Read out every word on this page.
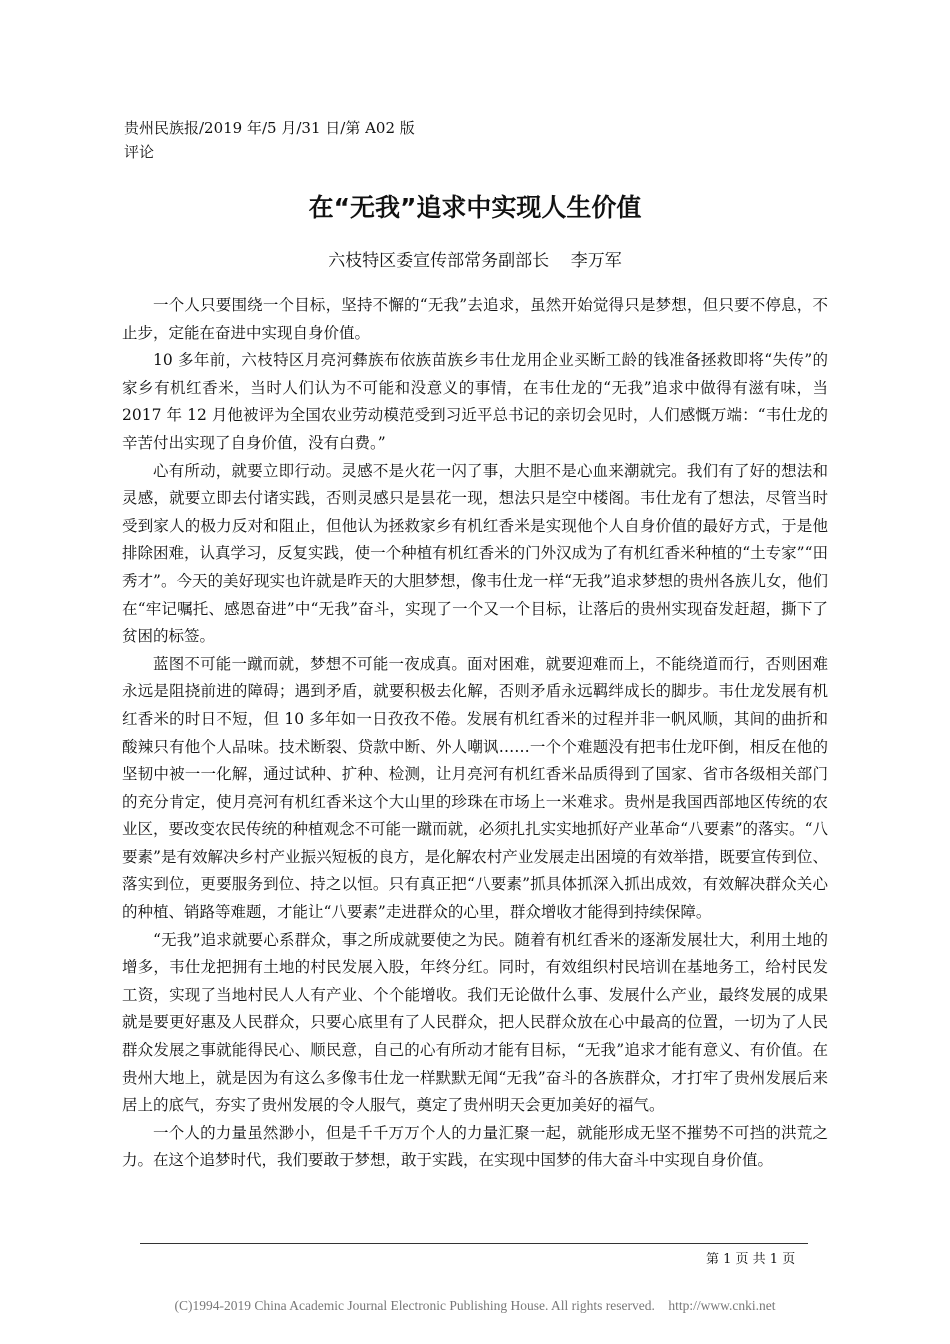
贵州民族报/2019 年/5 月/31 日/第 A02 版
评论
在“无我”追求中实现人生价值
六枝特区委宣传部常务副部长    李万军

一个人只要围绕一个目标，坚持不懈的“无我”去追求，虽然开始觉得只是梦想，但只要不停息，不止步，定能在奋进中实现自身价值。

10 多年前，六枝特区月亮河彝族布依族苗族乡韦仕龙用企业买断工龄的钱准备拯救即将“失传”的家乡有机红香米，当时人们认为不可能和没意义的事情，在韦仕龙的“无我”追求中做得有滋有味，当 2017 年 12 月他被评为全国农业劳动模范受到习近平总书记的亲切会见时，人们感慨万端：“韦仕龙的辛苦付出实现了自身价值，没有白费。”

心有所动，就要立即行动。灵感不是火花一闪了事，大胆不是心血来潮就完。我们有了好的想法和灵感，就要立即去付诸实践，否则灵感只是昙花一现，想法只是空中楼阁。韦仕龙有了想法，尽管当时受到家人的极力反对和阻止，但他认为拯救家乡有机红香米是实现他个人自身价值的最好方式，于是他排除困难，认真学习，反复实践，使一个种植有机红香米的门外汉成为了有机红香米种植的“土专家”“田秀才”。今天的美好现实也许就是昨天的大胆梦想，像韦仕龙一样“无我”追求梦想的贵州各族儿女，他们在“牢记嘱托、感恩奋进”中“无我”奋斗，实现了一个又一个目标，让落后的贵州实现奋发赶超，撕下了贫困的标签。

蓝图不可能一蹴而就，梦想不可能一夜成真。面对困难，就要迎难而上，不能绕道而行，否则困难永远是阻挠前进的障碍；遇到矛盾，就要积极去化解，否则矛盾永远羁绊成长的脚步。韦仕龙发展有机红香米的时日不短，但 10 多年如一日孜孜不倦。发展有机红香米的过程并非一帆风顺，其间的曲折和酸辣只有他个人品味。技术断裂、贷款中断、外人嘲讽……一个个难题没有把韦仕龙吓倒，相反在他的坚韧中被一一化解，通过试种、扩种、检测，让月亮河有机红香米品质得到了国家、省市各级相关部门的充分肯定，使月亮河有机红香米这个大山里的珍珠在市场上一米难求。贵州是我国西部地区传统的农业区，要改变农民传统的种植观念不可能一蹴而就，必须扎扎实实地抓好产业革命“八要素”的落实。“八要素”是有效解决乡村产业振兴短板的良方，是化解农村产业发展走出困境的有效举措，既要宣传到位、落实到位，更要服务到位、持之以恒。只有真正把“八要素”抓具体抓深入抓出成效，有效解决群众关心的种植、销路等难题，才能让“八要素”走进群众的心里，群众增收才能得到持续保障。

“无我”追求就要心系群众，事之所成就要使之为民。随着有机红香米的逐渐发展壮大，利用土地的增多，韦仕龙把拥有土地的村民发展入股，年终分红。同时，有效组织村民培训在基地务工，给村民发工资，实现了当地村民人人有产业、个个能增收。我们无论做什么事、发展什么产业，最终发展的成果就是要更好惠及人民群众，只要心底里有了人民群众，把人民群众放在心中最高的位置，一切为了人民群众发展之事就能得民心、顺民意，自己的心有所动才能有目标，“无我”追求才能有意义、有价值。在贵州大地上，就是因为有这么多像韦仕龙一样默默无闻“无我”奋斗的各族群众，才打牢了贵州发展后来居上的底气，夯实了贵州发展的令人服气，奠定了贵州明天会更加美好的福气。

一个人的力量虽然渺小，但是千千万万个人的力量汇聚一起，就能形成无坚不摧势不可挡的洪荒之力。在这个追梦时代，我们要敢于梦想，敢于实践，在实现中国梦的伟大奋斗中实现自身价值。

第 1 页 共 1 页
(C)1994-2019 China Academic Journal Electronic Publishing House. All rights reserved.    http://www.cnki.net
